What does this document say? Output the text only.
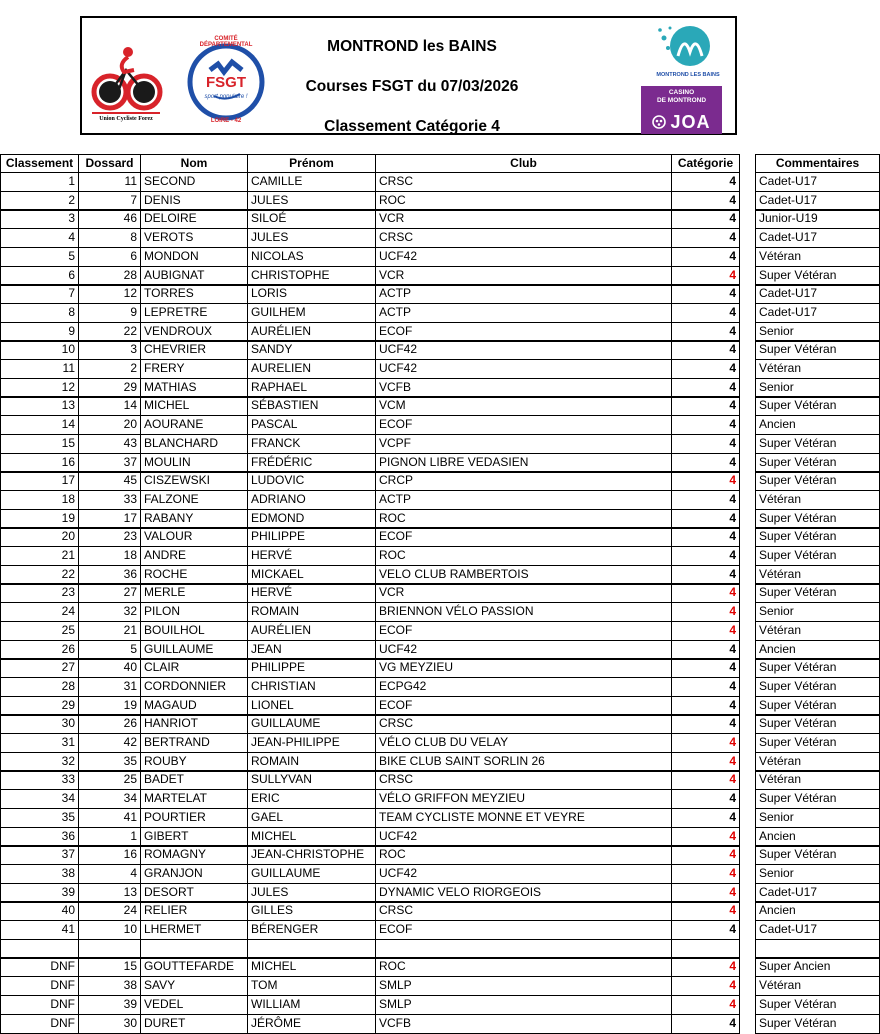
Union Cycliste Forez
COMITÉ DÉPARTEMENTAL
FSGT
sport populaire !
LOIRE - 42
MONTROND les BAINS
Courses FSGT du 07/03/2026
Classement Catégorie 4
MONTROND LES BAINS
CASINO
DE MONTROND
JOA
Classement	Dossard	Nom	Prénom	Club	Catégorie	Commentaires
1	11 SECOND	CAMILLE	CRSC	4	Cadet-U17
2	7 DENIS	JULES	ROC	4	Cadet-U17
3	46 DELOIRE	SILOÉ	VCR	4	Junior-U19
4	8 VEROTS	JULES	CRSC	4	Cadet-U17
5	6 MONDON	NICOLAS	UCF42	4	Vétéran
6	28 AUBIGNAT	CHRISTOPHE	VCR	4	Super Vétéran
7	12 TORRES	LORIS	ACTP	4	Cadet-U17
8	9 LEPRETRE	GUILHEM	ACTP	4	Cadet-U17
9	22 VENDROUX	AURÉLIEN	ECOF	4	Senior
10	3 CHEVRIER	SANDY	UCF42	4	Super Vétéran
11	2 FRERY	AURELIEN	UCF42	4	Vétéran
12	29 MATHIAS	RAPHAEL	VCFB	4	Senior
13	14 MICHEL	SÉBASTIEN	VCM	4	Super Vétéran
14	20 AOURANE	PASCAL	ECOF	4	Ancien
15	43 BLANCHARD	FRANCK	VCPF	4	Super Vétéran
16	37 MOULIN	FRÉDÉRIC	PIGNON LIBRE VEDASIEN	4	Super Vétéran
17	45 CISZEWSKI	LUDOVIC	CRCP	4	Super Vétéran
18	33 FALZONE	ADRIANO	ACTP	4	Vétéran
19	17 RABANY	EDMOND	ROC	4	Super Vétéran
20	23 VALOUR	PHILIPPE	ECOF	4	Super Vétéran
21	18 ANDRE	HERVÉ	ROC	4	Super Vétéran
22	36 ROCHE	MICKAEL	VELO CLUB RAMBERTOIS	4	Vétéran
23	27 MERLE	HERVÉ	VCR	4	Super Vétéran
24	32 PILON	ROMAIN	BRIENNON VÉLO PASSION	4	Senior
25	21 BOUILHOL	AURÉLIEN	ECOF	4	Vétéran
26	5 GUILLAUME	JEAN	UCF42	4	Ancien
27	40 CLAIR	PHILIPPE	VG MEYZIEU	4	Super Vétéran
28	31 CORDONNIER	CHRISTIAN	ECPG42	4	Super Vétéran
29	19 MAGAUD	LIONEL	ECOF	4	Super Vétéran
30	26 HANRIOT	GUILLAUME	CRSC	4	Super Vétéran
31	42 BERTRAND	JEAN-PHILIPPE	VÉLO CLUB DU VELAY	4	Super Vétéran
32	35 ROUBY	ROMAIN	BIKE CLUB SAINT SORLIN 26	4	Vétéran
33	25 BADET	SULLYVAN	CRSC	4	Vétéran
34	34 MARTELAT	ERIC	VÉLO GRIFFON MEYZIEU	4	Super Vétéran
35	41 POURTIER	GAEL	TEAM CYCLISTE MONNE ET VEYRE	4	Senior
36	1 GIBERT	MICHEL	UCF42	4	Ancien
37	16 ROMAGNY	JEAN-CHRISTOPHE	ROC	4	Super Vétéran
38	4 GRANJON	GUILLAUME	UCF42	4	Senior
39	13 DESORT	JULES	DYNAMIC VELO RIORGEOIS	4	Cadet-U17
40	24 RELIER	GILLES	CRSC	4	Ancien
41	10 LHERMET	BÉRENGER	ECOF	4	Cadet-U17
DNF	15 GOUTTEFARDE	MICHEL	ROC	4	Super Ancien
DNF	38 SAVY	TOM	SMLP	4	Vétéran
DNF	39 VEDEL	WILLIAM	SMLP	4	Super Vétéran
DNF	30 DURET	JÉRÔME	VCFB	4	Super Vétéran
